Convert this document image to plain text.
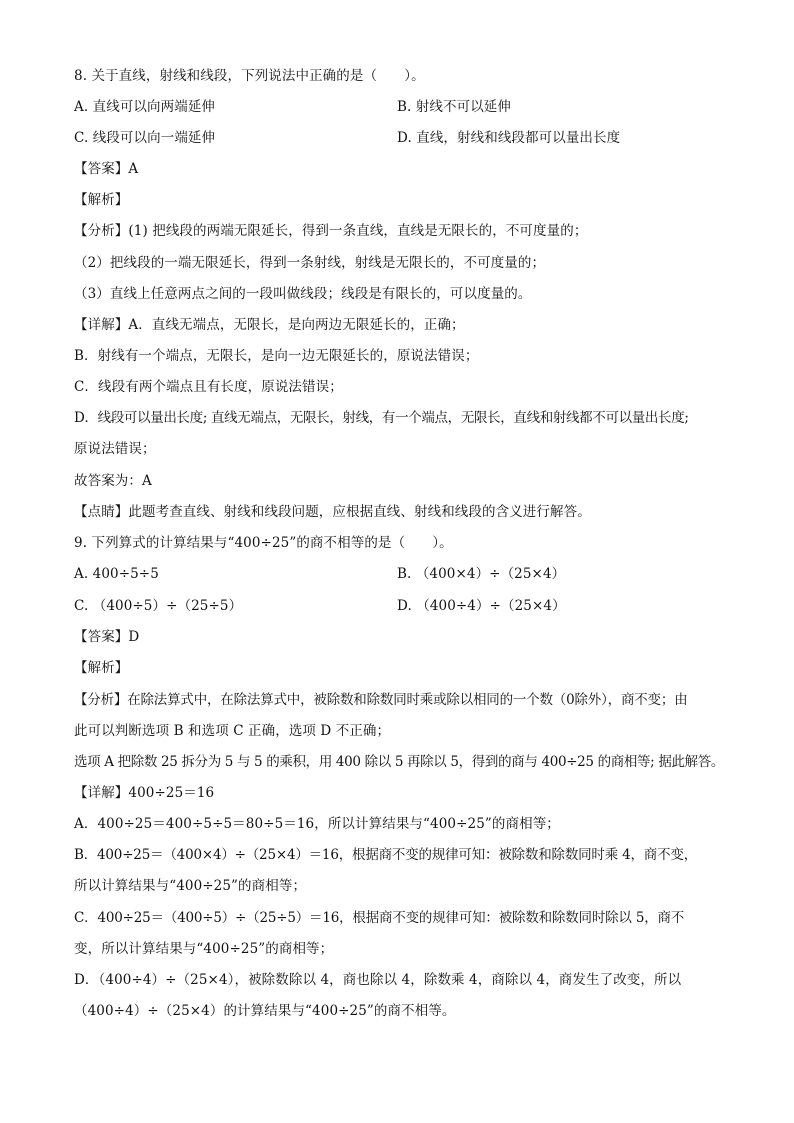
8. 关于直线，射线和线段，下列说法中正确的是（　　）。
A. 直线可以向两端延伸	B. 射线不可以延伸
C. 线段可以向一端延伸	D. 直线，射线和线段都可以量出长度
【答案】A
【解析】
【分析】(1) 把线段的两端无限延长，得到一条直线，直线是无限长的，不可度量的；
（2）把线段的一端无限延长，得到一条射线，射线是无限长的，不可度量的；
（3）直线上任意两点之间的一段叫做线段；线段是有限长的，可以度量的。
【详解】A．直线无端点，无限长，是向两边无限延长的，正确；
B．射线有一个端点，无限长，是向一边无限延长的，原说法错误；
C．线段有两个端点且有长度，原说法错误；
D．线段可以量出长度; 直线无端点，无限长，射线，有一个端点，无限长，直线和射线都不可以量出长度;
原说法错误；
故答案为：A
【点睛】此题考查直线、射线和线段问题，应根据直线、射线和线段的含义进行解答。
9. 下列算式的计算结果与“400÷25”的商不相等的是（　　）。
A. 400÷5÷5	B. （400×4）÷（25×4）
C. （400÷5）÷（25÷5）	D. （400÷4）÷（25×4）
【答案】D
【解析】
【分析】在除法算式中，在除法算式中，被除数和除数同时乘或除以相同的一个数（0除外），商不变；由
此可以判断选项 B 和选项 C 正确，选项 D 不正确；
选项 A 把除数 25 拆分为 5 与 5 的乘积，用 400 除以 5 再除以 5，得到的商与 400÷25 的商相等; 据此解答。
【详解】400÷25＝16
A．400÷25＝400÷5÷5＝80÷5＝16，所以计算结果与“400÷25”的商相等；
B．400÷25＝（400×4）÷（25×4）＝16，根据商不变的规律可知：被除数和除数同时乘 4，商不变，
所以计算结果与“400÷25”的商相等；
C．400÷25＝（400÷5）÷（25÷5）＝16，根据商不变的规律可知：被除数和除数同时除以 5，商不
变，所以计算结果与“400÷25”的商相等；
D．（400÷4）÷（25×4），被除数除以 4，商也除以 4，除数乘 4，商除以 4，商发生了改变，所以
（400÷4）÷（25×4）的计算结果与“400÷25”的商不相等。
